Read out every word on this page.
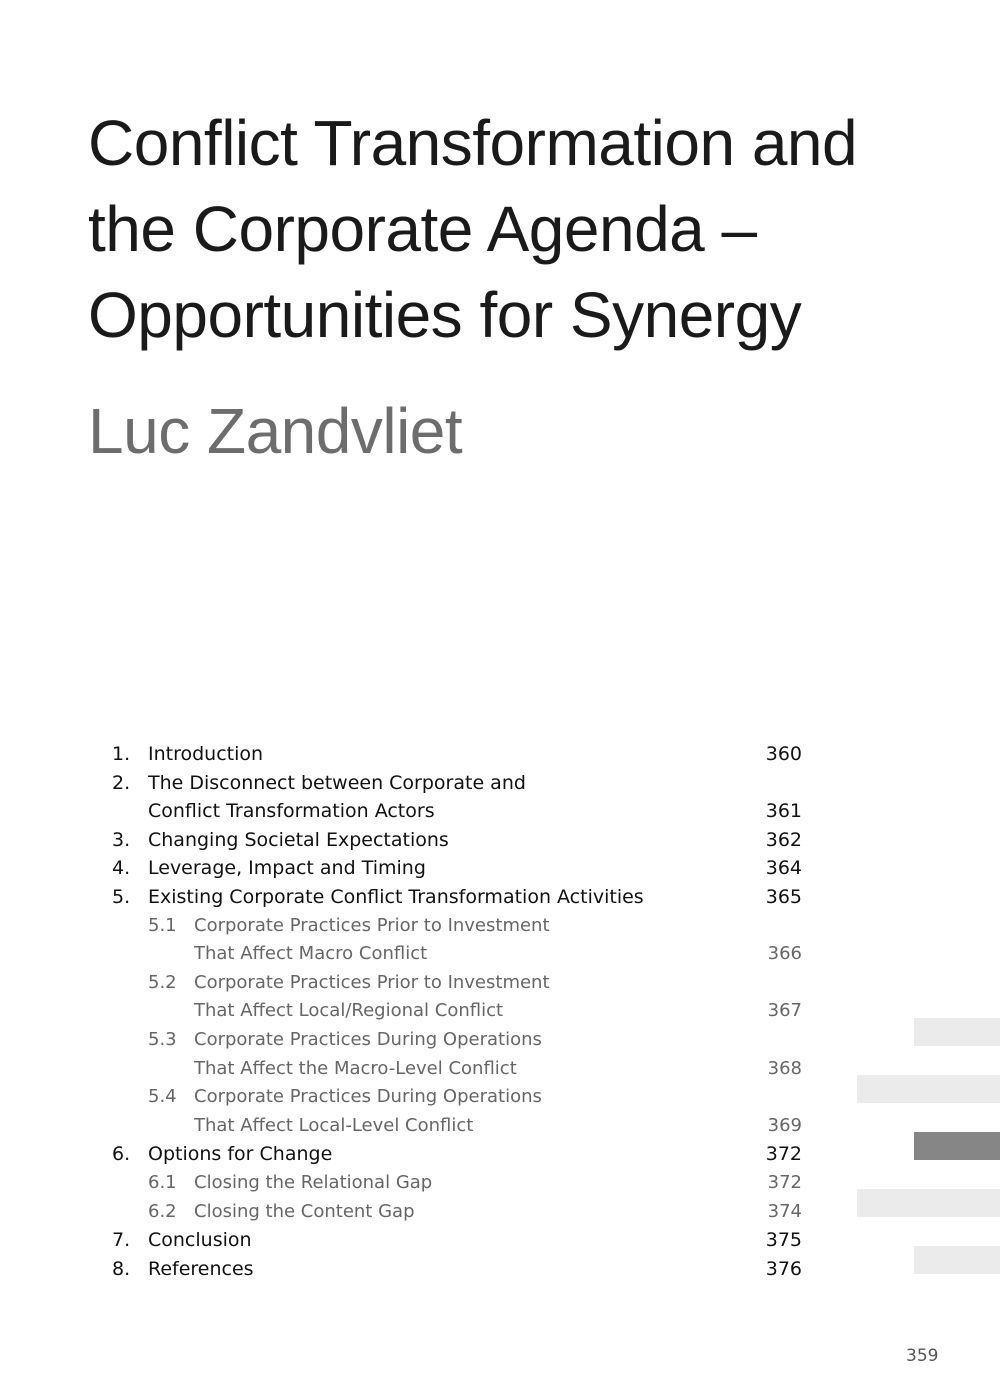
Conflict Transformation and
the Corporate Agenda –
Opportunities for Synergy
Luc Zandvliet
1. Introduction	360
2. The Disconnect between Corporate and
Conflict Transformation Actors	361
3. Changing Societal Expectations	362
4. Leverage, Impact and Timing	364
5. Existing Corporate Conflict Transformation Activities	365
5.1 Corporate Practices Prior to Investment
That Affect Macro Conflict	366
5.2 Corporate Practices Prior to Investment
That Affect Local/Regional Conflict	367
5.3 Corporate Practices During Operations
That Affect the Macro-Level Conflict	368
5.4 Corporate Practices During Operations
That Affect Local-Level Conflict	369
6. Options for Change	372
6.1 Closing the Relational Gap	372
6.2 Closing the Content Gap	374
7. Conclusion	375
8. References	376
359
